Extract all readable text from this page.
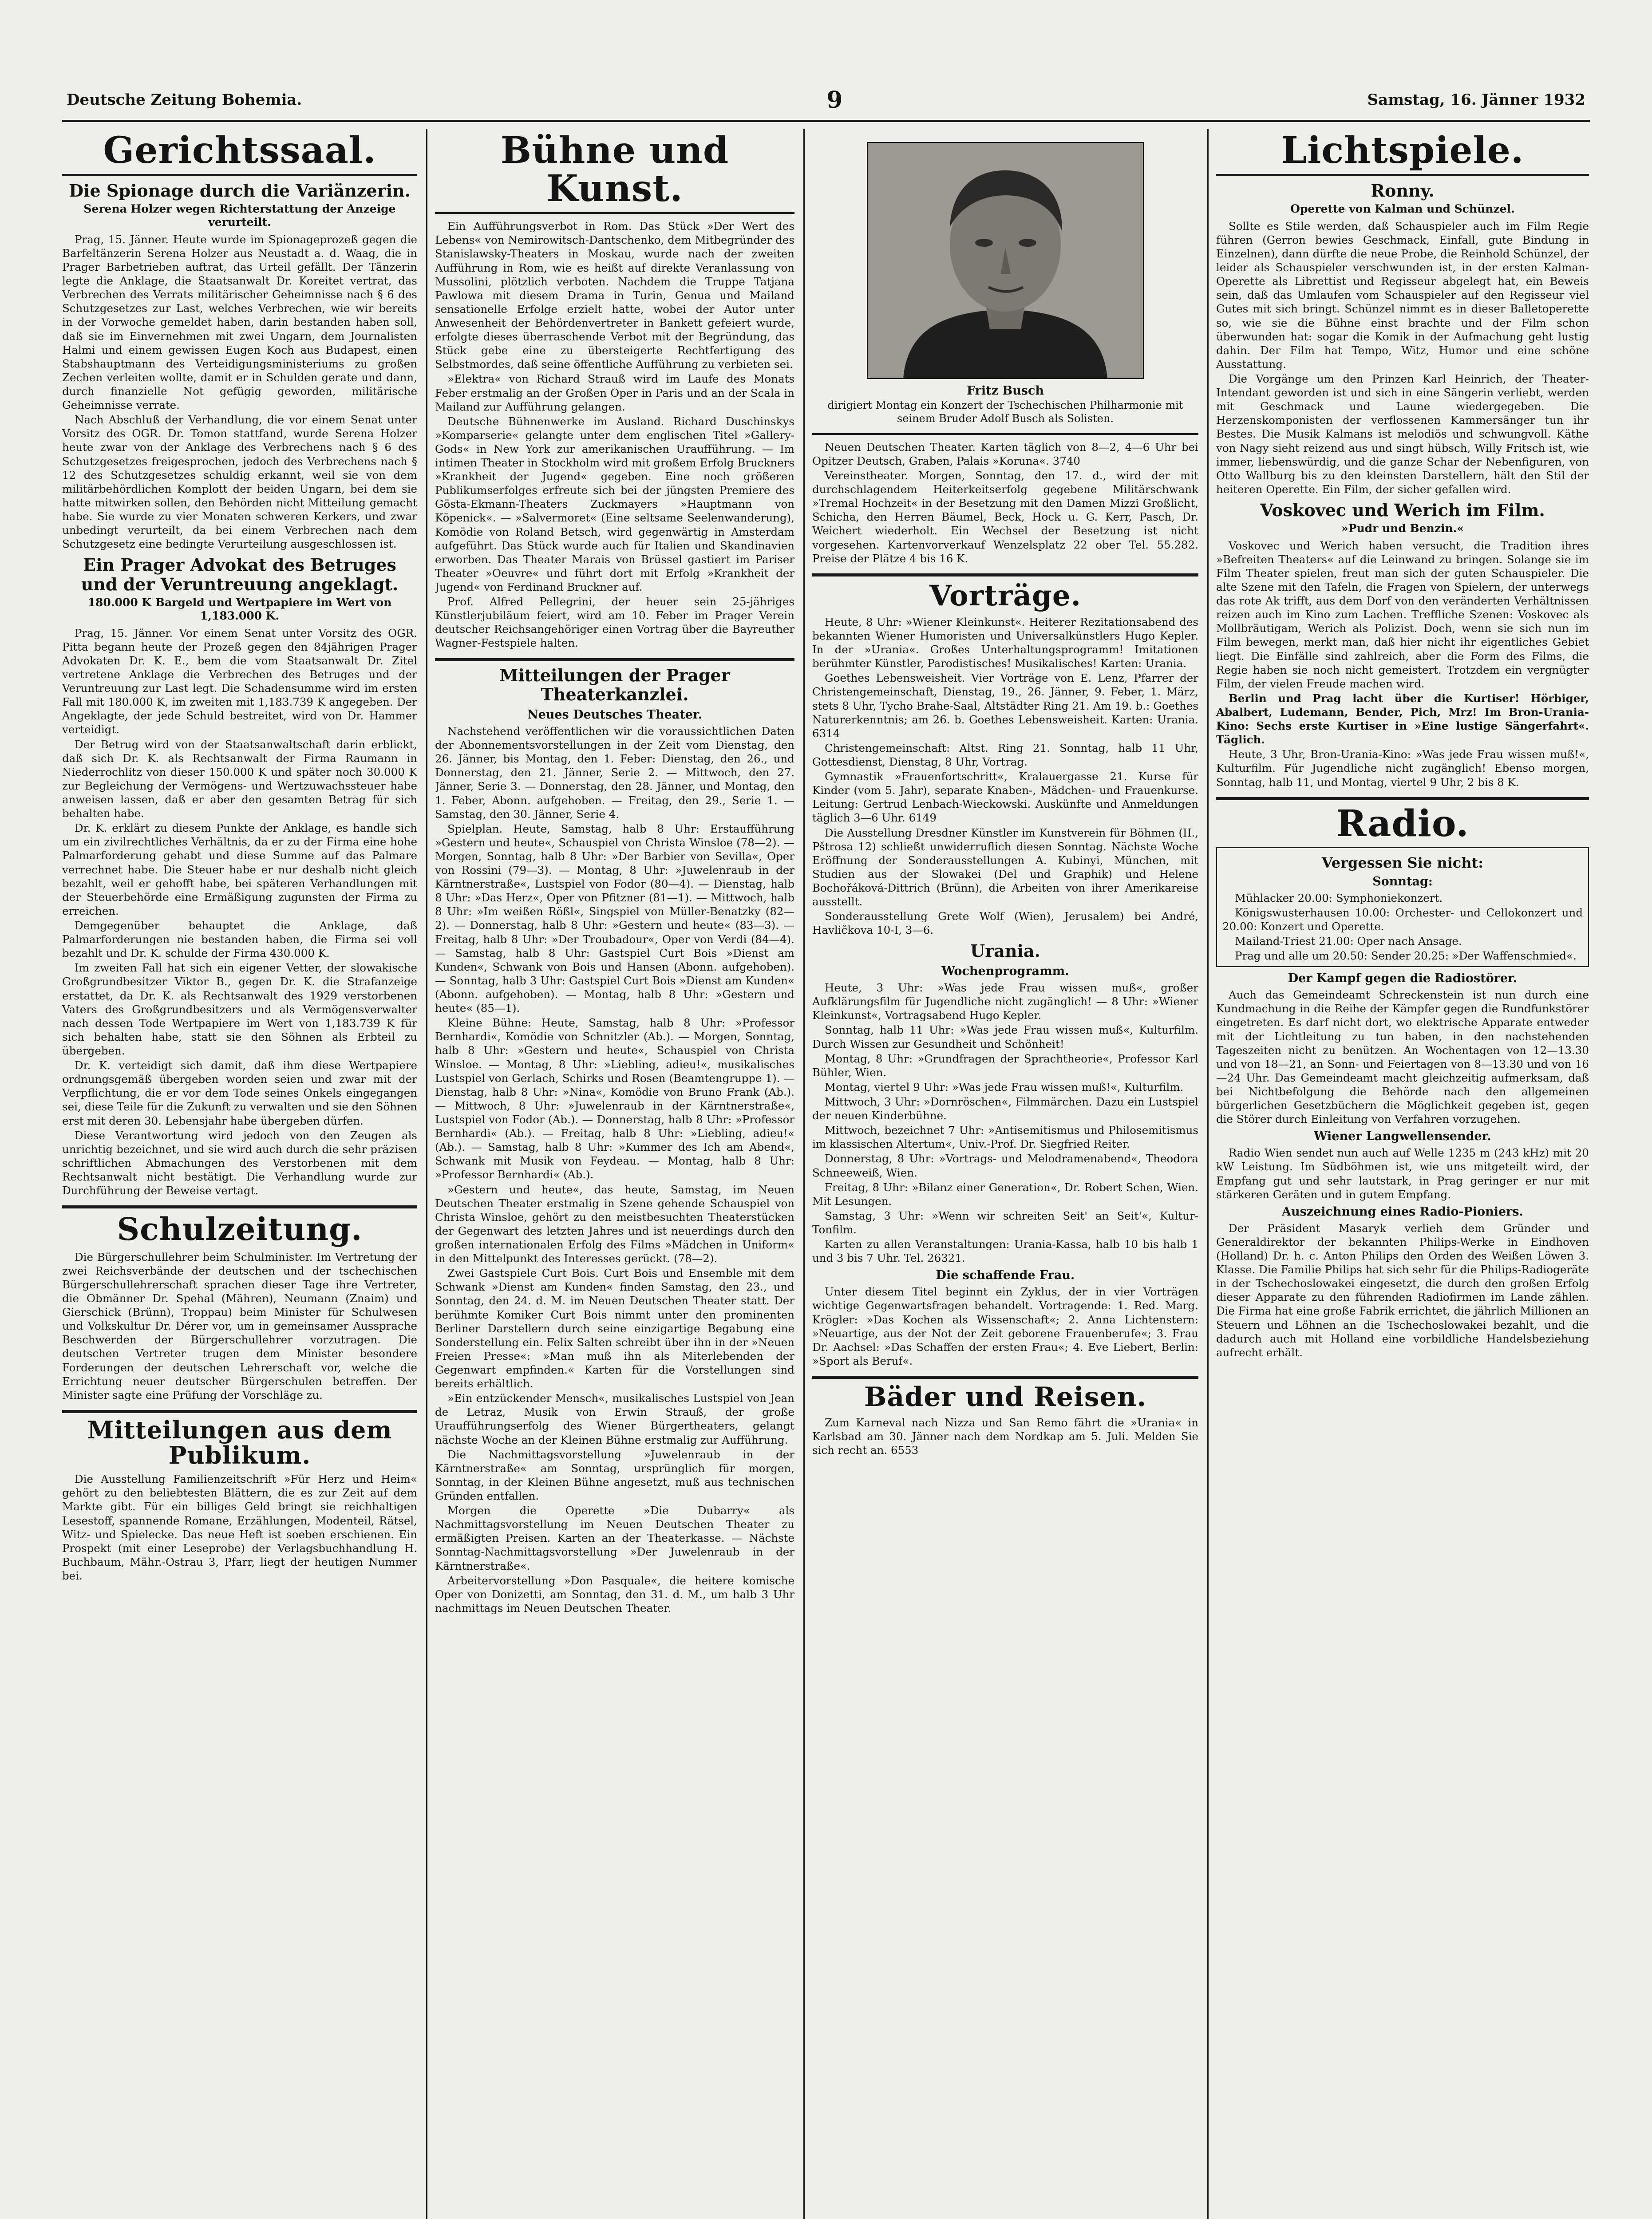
Deutsche Zeitung Bohemia.	9	Samstag, 16. Jänner 1932
Gerichtssaal.
Die Spionage durch die Variänzerin.
Serena Holzer wegen Richterstattung der Anzeige verurteilt.

Prag, 15. Jänner. Heute wurde im Spionageprozeß gegen die Barfeltänzerin Serena Holzer aus Neustadt a. d. Waag, die in Prager Barbetrieben auftrat, das Urteil gefällt. Der Tänzerin legte die Anklage, die Staatsanwalt Dr. Koreitet vertrat, das Verbrechen des Verrats militärischer Geheimnisse nach § 6 des Schutzgesetzes zur Last, welches Verbrechen, wie wir bereits in der Vorwoche gemeldet haben, darin bestanden haben soll, daß sie im Einvernehmen mit zwei Ungarn, dem Journalisten Halmi und einem gewissen Eugen Koch aus Budapest, einen Stabshauptmann des Verteidigungsministeriums zu großen Zechen verleiten wollte, damit er in Schulden gerate und dann, durch finanzielle Not gefügig geworden, militärische Geheimnisse verrate.

Nach Abschluß der Verhandlung, die vor einem Senat unter Vorsitz des OGR. Dr. Tomon stattfand, wurde Serena Holzer heute zwar von der Anklage des Verbrechens nach § 6 des Schutzgesetzes freigesprochen, jedoch des Verbrechens nach § 12 des Schutzgesetzes schuldig erkannt, weil sie von dem militärbehördlichen Komplott der beiden Ungarn, bei dem sie hatte mitwirken sollen, den Behörden nicht Mitteilung gemacht habe. Sie wurde zu vier Monaten schweren Kerkers, und zwar unbedingt verurteilt, da bei einem Verbrechen nach dem Schutzgesetz eine bedingte Verurteilung ausgeschlossen ist.

Ein Prager Advokat des Betruges und der Veruntreuung angeklagt.
180.000 K Bargeld und Wertpapiere im Wert von 1,183.000 K.

Prag, 15. Jänner. Vor einem Senat unter Vorsitz des OGR. Pitta begann heute der Prozeß gegen den 84jährigen Prager Advokaten Dr. K. E., bem die vom Staatsanwalt Dr. Zitel vertretene Anklage die Verbrechen des Betruges und der Veruntreuung zur Last legt. Die Schadensumme wird im ersten Fall mit 180.000 K, im zweiten mit 1,183.739 K angegeben. Der Angeklagte, der jede Schuld bestreitet, wird von Dr. Hammer verteidigt.

Der Betrug wird von der Staatsanwaltschaft darin erblickt, daß sich Dr. K. als Rechtsanwalt der Firma Raumann in Niederrochlitz von dieser 150.000 K und später noch 30.000 K zur Begleichung der Vermögens- und Wertzuwachssteuer habe anweisen lassen, daß er aber den gesamten Betrag für sich behalten habe.

Dr. K. erklärt zu diesem Punkte der Anklage, es handle sich um ein zivilrechtliches Verhältnis, da er zu der Firma eine hohe Palmarforderung gehabt und diese Summe auf das Palmare verrechnet habe. Die Steuer habe er nur deshalb nicht gleich bezahlt, weil er gehofft habe, bei späteren Verhandlungen mit der Steuerbehörde eine Ermäßigung zugunsten der Firma zu erreichen.

Demgegenüber behauptet die Anklage, daß Palmarforderungen nie bestanden haben, die Firma sei voll bezahlt und Dr. K. schulde der Firma 430.000 K.

Im zweiten Fall hat sich ein eigener Vetter, der slowakische Großgrundbesitzer Viktor B., gegen Dr. K. die Strafanzeige erstattet, da Dr. K. als Rechtsanwalt des 1929 verstorbenen Vaters des Großgrundbesitzers und als Vermögensverwalter nach dessen Tode Wertpapiere im Wert von 1,183.739 K für sich behalten habe, statt sie den Söhnen als Erbteil zu übergeben.

Dr. K. verteidigt sich damit, daß ihm diese Wertpapiere ordnungsgemäß übergeben worden seien und zwar mit der Verpflichtung, die er vor dem Tode seines Onkels eingegangen sei, diese Teile für die Zukunft zu verwalten und sie den Söhnen erst mit deren 30. Lebensjahr habe übergeben dürfen.

Diese Verantwortung wird jedoch von den Zeugen als unrichtig bezeichnet, und sie wird auch durch die sehr präzisen schriftlichen Abmachungen des Verstorbenen mit dem Rechtsanwalt nicht bestätigt. Die Verhandlung wurde zur Durchführung der Beweise vertagt.

Schulzeitung.

Die Bürgerschullehrer beim Schulminister. Im Vertretung der zwei Reichsverbände der deutschen und der tschechischen Bürgerschullehrerschaft sprachen dieser Tage ihre Vertreter, die Obmänner Dr. Spehal (Mähren), Neumann (Znaim) und Gierschick (Brünn), Troppau) beim Minister für Schulwesen und Volkskultur Dr. Dérer vor, um in gemeinsamer Aussprache Beschwerden der Bürgerschullehrer vorzutragen. Die deutschen Vertreter trugen dem Minister besondere Forderungen der deutschen Lehrerschaft vor, welche die Errichtung neuer deutscher Bürgerschulen betreffen. Der Minister sagte eine Prüfung der Vorschläge zu.

Mitteilungen aus dem Publikum.

Die Ausstellung Familienzeitschrift »Für Herz und Heim« gehört zu den beliebtesten Blättern, die es zur Zeit auf dem Markte gibt. Für ein billiges Geld bringt sie reichhaltigen Lesestoff, spannende Romane, Erzählungen, Modenteil, Rätsel, Witz- und Spielecke. Das neue Heft ist soeben erschienen. Ein Prospekt (mit einer Leseprobe) der Verlagsbuchhandlung H. Buchbaum, Mähr.-Ostrau 3, Pfarr, liegt der heutigen Nummer bei.

Bühne und Kunst.

Ein Aufführungsverbot in Rom. Das Stück »Der Wert des Lebens« von Nemirowitsch-Dantschenko, dem Mitbegründer des Stanislawsky-Theaters in Moskau, wurde nach der zweiten Aufführung in Rom, wie es heißt auf direkte Veranlassung von Mussolini, plötzlich verboten. Nachdem die Truppe Tatjana Pawlowa mit diesem Drama in Turin, Genua und Mailand sensationelle Erfolge erzielt hatte, wobei der Autor unter Anwesenheit der Behördenvertreter in Bankett gefeiert wurde, erfolgte dieses überraschende Verbot mit der Begründung, das Stück gebe eine zu übersteigerte Rechtfertigung des Selbstmordes, daß seine öffentliche Aufführung zu verbieten sei.

»Elektra« von Richard Strauß wird im Laufe des Monats Feber erstmalig an der Großen Oper in Paris und an der Scala in Mailand zur Aufführung gelangen.

Deutsche Bühnenwerke im Ausland. Richard Duschinskys »Komparserie« gelangte unter dem englischen Titel »Gallery-Gods« in New York zur amerikanischen Uraufführung. — Im intimen Theater in Stockholm wird mit großem Erfolg Bruckners »Krankheit der Jugend« gegeben. Eine noch größeren Publikumserfolges erfreute sich bei der jüngsten Premiere des Gösta-Ekmann-Theaters Zuckmayers »Hauptmann von Köpenick«. — »Salvermoret« (Eine seltsame Seelenwanderung), Komödie von Roland Betsch, wird gegenwärtig in Amsterdam aufgeführt. Das Stück wurde auch für Italien und Skandinavien erworben. Das Theater Marais von Brüssel gastiert im Pariser Theater »Oeuvre« und führt dort mit Erfolg »Krankheit der Jugend« von Ferdinand Bruckner auf.

Prof. Alfred Pellegrini, der heuer sein 25-jähriges Künstlerjubiläum feiert, wird am 10. Feber im Prager Verein deutscher Reichsangehöriger einen Vortrag über die Bayreuther Wagner-Festspiele halten.

Mitteilungen der Prager Theaterkanzlei.
Neues Deutsches Theater.

Nachstehend veröffentlichen wir die voraussichtlichen Daten der Abonnementsvorstellungen in der Zeit vom Dienstag, den 26. Jänner, bis Montag, den 1. Feber: Dienstag, den 26., und Donnerstag, den 21. Jänner, Serie 2. — Mittwoch, den 27. Jänner, Serie 3. — Donnerstag, den 28. Jänner, und Montag, den 1. Feber, Abonn. aufgehoben. — Freitag, den 29., Serie 1. — Samstag, den 30. Jänner, Serie 4.

Spielplan. Heute, Samstag, halb 8 Uhr: Erstaufführung »Gestern und heute«, Schauspiel von Christa Winsloe (78—2). — Morgen, Sonntag, halb 8 Uhr: »Der Barbier von Sevilla«, Oper von Rossini (79—3). — Montag, 8 Uhr: »Juwelenraub in der Kärntnerstraße«, Lustspiel von Fodor (80—4). — Dienstag, halb 8 Uhr: »Das Herz«, Oper von Pfitzner (81—1). — Mittwoch, halb 8 Uhr: »Im weißen Rößl«, Singspiel von Müller-Benatzky (82—2). — Donnerstag, halb 8 Uhr: »Gestern und heute« (83—3). — Freitag, halb 8 Uhr: »Der Troubadour«, Oper von Verdi (84—4). — Samstag, halb 8 Uhr: Gastspiel Curt Bois »Dienst am Kunden«, Schwank von Bois und Hansen (Abonn. aufgehoben). — Sonntag, halb 3 Uhr: Gastspiel Curt Bois »Dienst am Kunden« (Abonn. aufgehoben). — Montag, halb 8 Uhr: »Gestern und heute« (85—1).

Kleine Bühne: Heute, Samstag, halb 8 Uhr: »Professor Bernhardi«, Komödie von Schnitzler (Ab.). — Morgen, Sonntag, halb 8 Uhr: »Gestern und heute«, Schauspiel von Christa Winsloe. — Montag, 8 Uhr: »Liebling, adieu!«, musikalisches Lustspiel von Gerlach, Schirks und Rosen (Beamtengruppe 1). — Dienstag, halb 8 Uhr: »Nina«, Komödie von Bruno Frank (Ab.). — Mittwoch, 8 Uhr: »Juwelenraub in der Kärntnerstraße«, Lustspiel von Fodor (Ab.). — Donnerstag, halb 8 Uhr: »Professor Bernhardi« (Ab.). — Freitag, halb 8 Uhr: »Liebling, adieu!« (Ab.). — Samstag, halb 8 Uhr: »Kummer des Ich am Abend«, Schwank mit Musik von Feydeau. — Montag, halb 8 Uhr: »Professor Bernhardi« (Ab.).

»Gestern und heute«, das heute, Samstag, im Neuen Deutschen Theater erstmalig in Szene gehende Schauspiel von Christa Winsloe, gehört zu den meistbesuchten Theaterstücken der Gegenwart des letzten Jahres und ist neuerdings durch den großen internationalen Erfolg des Films »Mädchen in Uniform« in den Mittelpunkt des Interesses gerückt. (78—2).

Zwei Gastspiele Curt Bois. Curt Bois und Ensemble mit dem Schwank »Dienst am Kunden« finden Samstag, den 23., und Sonntag, den 24. d. M. im Neuen Deutschen Theater statt. Der berühmte Komiker Curt Bois nimmt unter den prominenten Berliner Darstellern durch seine einzigartige Begabung eine Sonderstellung ein. Felix Salten schreibt über ihn in der »Neuen Freien Presse«: »Man muß ihn als Miterlebenden der Gegenwart empfinden.« Karten für die Vorstellungen sind bereits erhältlich.

»Ein entzückender Mensch«, musikalisches Lustspiel von Jean de Letraz, Musik von Erwin Strauß, der große Uraufführungserfolg des Wiener Bürgertheaters, gelangt nächste Woche an der Kleinen Bühne erstmalig zur Aufführung.

Die Nachmittagsvorstellung »Juwelenraub in der Kärntnerstraße« am Sonntag, ursprünglich für morgen, Sonntag, in der Kleinen Bühne angesetzt, muß aus technischen Gründen entfallen.

Morgen die Operette »Die Dubarry« als Nachmittagsvorstellung im Neuen Deutschen Theater zu ermäßigten Preisen. Karten an der Theaterkasse. — Nächste Sonntag-Nachmittagsvorstellung »Der Juwelenraub in der Kärntnerstraße«.

Arbeitervorstellung »Don Pasquale«, die heitere komische Oper von Donizetti, am Sonntag, den 31. d. M., um halb 3 Uhr nachmittags im Neuen Deutschen Theater.

Fritz Busch
dirigiert Montag ein Konzert der Tschechischen Philharmonie mit seinem Bruder Adolf Busch als Solisten.

Neuen Deutschen Theater. Karten täglich von 8—2, 4—6 Uhr bei Opitzer Deutsch, Graben, Palais »Koruna«. 3740

Vereinstheater. Morgen, Sonntag, den 17. d., wird der mit durchschlagendem Heiterkeitserfolg gegebene Militärschwank »Tremal Hochzeit« in der Besetzung mit den Damen Mizzi Großlicht, Schicha, den Herren Bäumel, Beck, Hock u. G. Kerr, Pasch, Dr. Weichert wiederholt. Ein Wechsel der Besetzung ist nicht vorgesehen. Kartenvorverkauf Wenzelsplatz 22 ober Tel. 55.282. Preise der Plätze 4 bis 16 K.

Vorträge.

Heute, 8 Uhr: »Wiener Kleinkunst«. Heiterer Rezitationsabend des bekannten Wiener Humoristen und Universalkünstlers Hugo Kepler. In der »Urania«. Großes Unterhaltungsprogramm! Imitationen berühmter Künstler, Parodistisches! Musikalisches! Karten: Urania.

Goethes Lebensweisheit. Vier Vorträge von E. Lenz, Pfarrer der Christengemeinschaft, Dienstag, 19., 26. Jänner, 9. Feber, 1. März, stets 8 Uhr, Tycho Brahe-Saal, Altstädter Ring 21. Am 19. b.: Goethes Naturerkenntnis; am 26. b. Goethes Lebensweisheit. Karten: Urania. 6314

Christengemeinschaft: Altst. Ring 21. Sonntag, halb 11 Uhr, Gottesdienst, Dienstag, 8 Uhr, Vortrag.

Gymnastik »Frauenfortschritt«, Kralauergasse 21. Kurse für Kinder (vom 5. Jahr), separate Knaben-, Mädchen- und Frauenkurse. Leitung: Gertrud Lenbach-Wieckowski. Auskünfte und Anmeldungen täglich 3—6 Uhr. 6149

Die Ausstellung Dresdner Künstler im Kunstverein für Böhmen (II., Pštrosa 12) schließt unwiderruflich diesen Sonntag. Nächste Woche Eröffnung der Sonderausstellungen A. Kubinyi, München, mit Studien aus der Slowakei (Del und Graphik) und Helene Bochořáková-Dittrich (Brünn), die Arbeiten von ihrer Amerikareise ausstellt.

Sonderausstellung Grete Wolf (Wien), Jerusalem) bei André, Havličkova 10-I, 3—6.

Urania.
Wochenprogramm.

Heute, 3 Uhr: »Was jede Frau wissen muß«, großer Aufklärungsfilm für Jugendliche nicht zugänglich! — 8 Uhr: »Wiener Kleinkunst«, Vortragsabend Hugo Kepler.

Sonntag, halb 11 Uhr: »Was jede Frau wissen muß«, Kulturfilm. Durch Wissen zur Gesundheit und Schönheit!

Montag, 8 Uhr: »Grundfragen der Sprachtheorie«, Professor Karl Bühler, Wien.

Montag, viertel 9 Uhr: »Was jede Frau wissen muß!«, Kulturfilm.

Mittwoch, 3 Uhr: »Dornröschen«, Filmmärchen. Dazu ein Lustspiel der neuen Kinderbühne.

Mittwoch, bezeichnet 7 Uhr: »Antisemitismus und Philosemitismus im klassischen Altertum«, Univ.-Prof. Dr. Siegfried Reiter.

Donnerstag, 8 Uhr: »Vortrags- und Melodramenabend«, Theodora Schneeweiß, Wien.

Freitag, 8 Uhr: »Bilanz einer Generation«, Dr. Robert Schen, Wien. Mit Lesungen.

Samstag, 3 Uhr: »Wenn wir schreiten Seit' an Seit'«, Kultur-Tonfilm.

Karten zu allen Veranstaltungen: Urania-Kassa, halb 10 bis halb 1 und 3 bis 7 Uhr. Tel. 26321.

Die schaffende Frau.

Unter diesem Titel beginnt ein Zyklus, der in vier Vorträgen wichtige Gegenwartsfragen behandelt. Vortragende: 1. Red. Marg. Krögler: »Das Kochen als Wissenschaft«; 2. Anna Lichtenstern: »Neuartige, aus der Not der Zeit geborene Frauenberufe«; 3. Frau Dr. Aachsel: »Das Schaffen der ersten Frau«; 4. Eve Liebert, Berlin: »Sport als Beruf«.

Bäder und Reisen.

Zum Karneval nach Nizza und San Remo fährt die »Urania« in Karlsbad am 30. Jänner nach dem Nordkap am 5. Juli. Melden Sie sich recht an. 6553

Lichtspiele.
Ronny.
Operette von Kalman und Schünzel.

Sollte es Stile werden, daß Schauspieler auch im Film Regie führen (Gerron bewies Geschmack, Einfall, gute Bindung in Einzelnen), dann dürfte die neue Probe, die Reinhold Schünzel, der leider als Schauspieler verschwunden ist, in der ersten Kalman-Operette als Librettist und Regisseur abgelegt hat, ein Beweis sein, daß das Umlaufen vom Schauspieler auf den Regisseur viel Gutes mit sich bringt. Schünzel nimmt es in dieser Balletoperette so, wie sie die Bühne einst brachte und der Film schon überwunden hat: sogar die Komik in der Aufmachung geht lustig dahin. Der Film hat Tempo, Witz, Humor und eine schöne Ausstattung.

Die Vorgänge um den Prinzen Karl Heinrich, der Theater-Intendant geworden ist und sich in eine Sängerin verliebt, werden mit Geschmack und Laune wiedergegeben. Die Herzenskomponisten der verflossenen Kammersänger tun ihr Bestes. Die Musik Kalmans ist melodiös und schwungvoll. Käthe von Nagy sieht reizend aus und singt hübsch, Willy Fritsch ist, wie immer, liebenswürdig, und die ganze Schar der Nebenfiguren, von Otto Wallburg bis zu den kleinsten Darstellern, hält den Stil der heiteren Operette. Ein Film, der sicher gefallen wird.

Voskovec und Werich im Film.
»Pudr und Benzin.«

Voskovec und Werich haben versucht, die Tradition ihres »Befreiten Theaters« auf die Leinwand zu bringen. Solange sie im Film Theater spielen, freut man sich der guten Schauspieler. Die alte Szene mit den Tafeln, die Fragen von Spielern, der unterwegs das rote Ak trifft, aus dem Dorf von den veränderten Verhältnissen reizen auch im Kino zum Lachen. Treffliche Szenen: Voskovec als Mollbräutigam, Werich als Polizist. Doch, wenn sie sich nun im Film bewegen, merkt man, daß hier nicht ihr eigentliches Gebiet liegt. Die Einfälle sind zahlreich, aber die Form des Films, die Regie haben sie noch nicht gemeistert. Trotzdem ein vergnügter Film, der vielen Freude machen wird.

Berlin und Prag lacht über die Kurtiser! Hörbiger, Abalbert, Ludemann, Bender, Pich, Mrz! Im Bron-Urania-Kino: Sechs erste Kurtiser in »Eine lustige Sängerfahrt«. Täglich.

Heute, 3 Uhr, Bron-Urania-Kino: »Was jede Frau wissen muß!«, Kulturfilm. Für Jugendliche nicht zugänglich! Ebenso morgen, Sonntag, halb 11, und Montag, viertel 9 Uhr, 2 bis 8 K.

Radio.
Vergessen Sie nicht:
Sonntag:

Mühlacker 20.00: Symphoniekonzert.

Königswusterhausen 10.00: Orchester- und Cellokonzert und 20.00: Konzert und Operette.

Mailand-Triest 21.00: Oper nach Ansage.

Prag und alle um 20.50: Sender 20.25: »Der Waffenschmied«.

Der Kampf gegen die Radiostörer.

Auch das Gemeindeamt Schreckenstein ist nun durch eine Kundmachung in die Reihe der Kämpfer gegen die Rundfunkstörer eingetreten. Es darf nicht dort, wo elektrische Apparate entweder mit der Lichtleitung zu tun haben, in den nachstehenden Tageszeiten nicht zu benützen. An Wochentagen von 12—13.30 und von 18—21, an Sonn- und Feiertagen von 8—13.30 und von 16—24 Uhr. Das Gemeindeamt macht gleichzeitig aufmerksam, daß bei Nichtbefolgung die Behörde nach den allgemeinen bürgerlichen Gesetzbüchern die Möglichkeit gegeben ist, gegen die Störer durch Einleitung von Verfahren vorzugehen.

Wiener Langwellensender.

Radio Wien sendet nun auch auf Welle 1235 m (243 kHz) mit 20 kW Leistung. Im Südböhmen ist, wie uns mitgeteilt wird, der Empfang gut und sehr lautstark, in Prag geringer er nur mit stärkeren Geräten und in gutem Empfang.

Auszeichnung eines Radio-Pioniers.

Der Präsident Masaryk verlieh dem Gründer und Generaldirektor der bekannten Philips-Werke in Eindhoven (Holland) Dr. h. c. Anton Philips den Orden des Weißen Löwen 3. Klasse. Die Familie Philips hat sich sehr für die Philips-Radiogeräte in der Tschechoslowakei eingesetzt, die durch den großen Erfolg dieser Apparate zu den führenden Radiofirmen im Lande zählen. Die Firma hat eine große Fabrik errichtet, die jährlich Millionen an Steuern und Löhnen an die Tschechoslowakei bezahlt, und die dadurch auch mit Holland eine vorbildliche Handelsbeziehung aufrecht erhält.
